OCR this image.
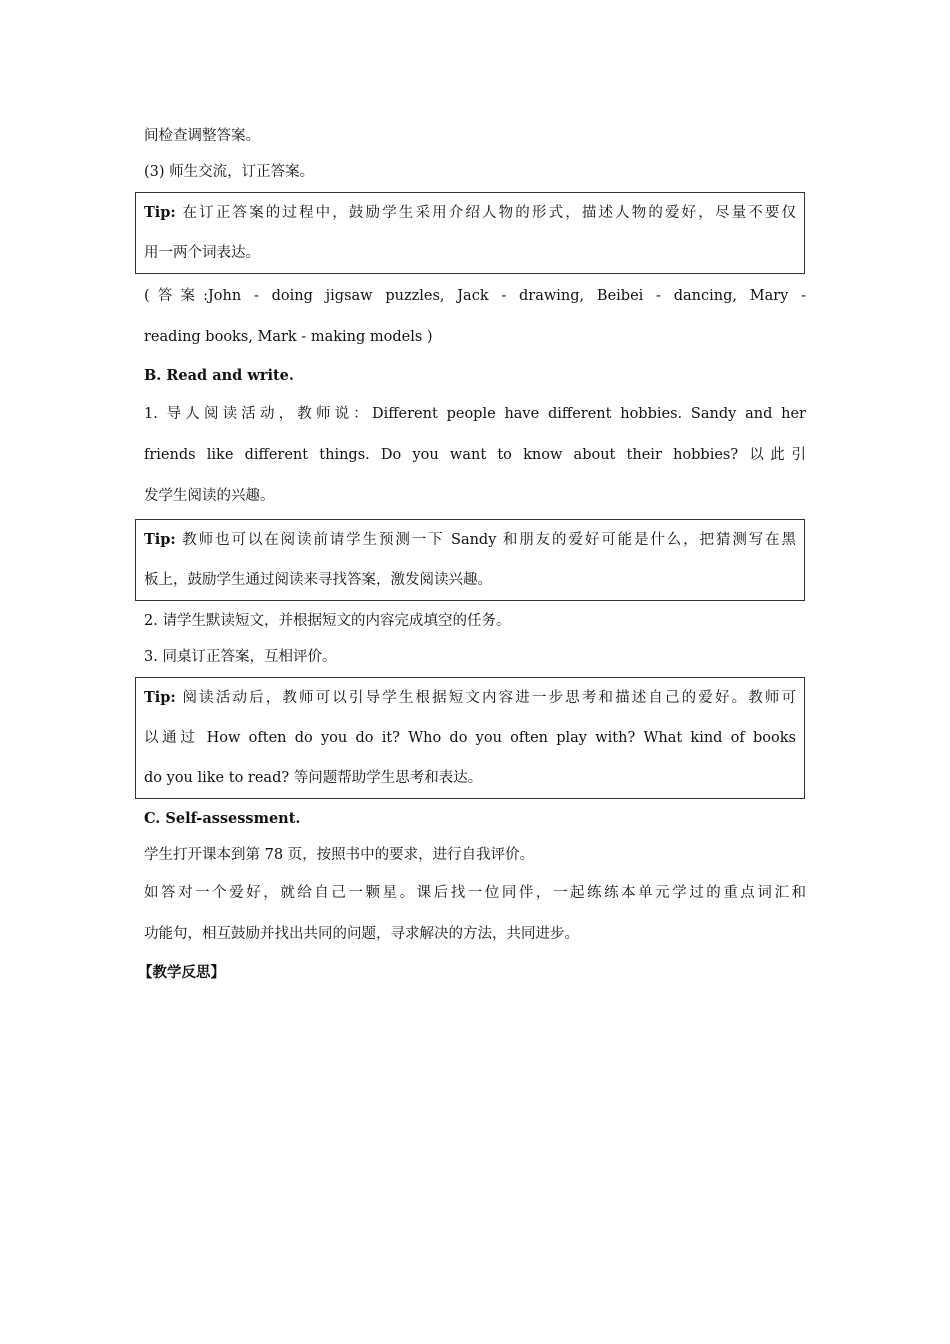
间检查调整答案。
(3) 师生交流，订正答案。
Tip: 在订正答案的过程中，鼓励学生采用介绍人物的形式，描述人物的爱好，尽量不要仅
用一两个词表达。
(答案:John - doing jigsaw puzzles, Jack - drawing, Beibei - dancing, Mary -
reading books, Mark - making models )
B. Read and write.
1. 导人阅读活动，教师说：Different people have different hobbies. Sandy and her
friends like different things. Do you want to know about their hobbies? 以此引
发学生阅读的兴趣。
Tip: 教师也可以在阅读前请学生预测一下 Sandy 和朋友的爱好可能是什么，把猜测写在黑
板上，鼓励学生通过阅读来寻找答案，激发阅读兴趣。
2. 请学生默读短文，并根据短文的内容完成填空的任务。
3. 同桌订正答案，互相评价。
Tip: 阅读活动后，教师可以引导学生根据短文内容进一步思考和描述自己的爱好。教师可
以通过 How often do you do it? Who do you often play with? What kind of books
do you like to read? 等问题帮助学生思考和表达。
C. Self-assessment.
学生打开课本到第 78 页，按照书中的要求，进行自我评价。
如答对一个爱好，就给自己一颗星。课后找一位同伴，一起练练本单元学过的重点词汇和
功能句，相互鼓励并找出共同的问题，寻求解决的方法，共同进步。
【教学反思】
